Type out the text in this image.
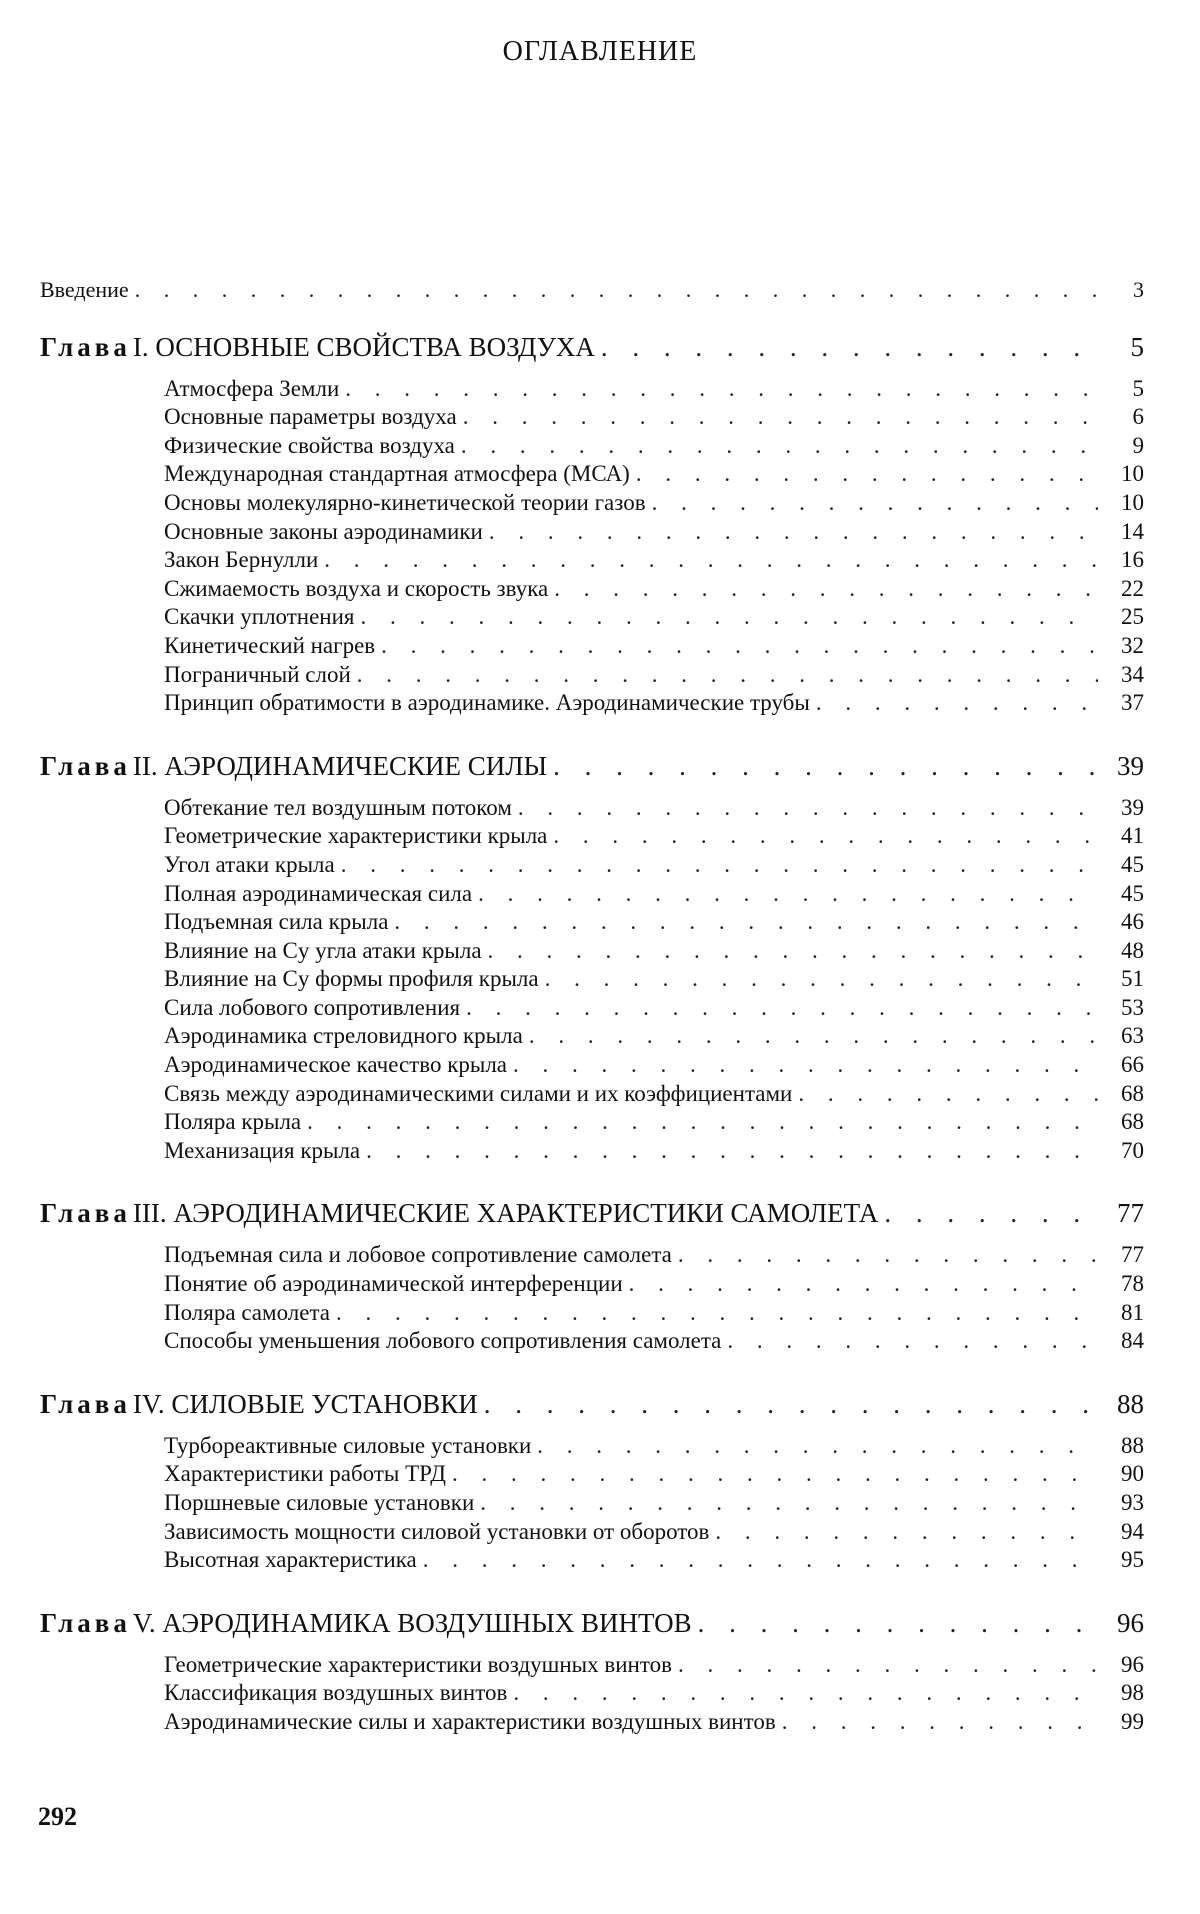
ОГЛАВЛЕНИЕ
Введение . . .	3
Глава I. ОСНОВНЫЕ СВОЙСТВА ВОЗДУХА . . .	5
Атмосфера Земли . . .	5
Основные параметры воздуха . . .	6
Физические свойства воздуха . . .	9
Международная стандартная атмосфера (МСА) . . .	10
Основы молекулярно-кинетической теории газов . . .	10
Основные законы аэродинамики . . .	14
Закон Бернулли . . .	16
Сжимаемость воздуха и скорость звука . . .	22
Скачки уплотнения . . .	25
Кинетический нагрев . . .	32
Пограничный слой . . .	34
Принцип обратимости в аэродинамике. Аэродинамические трубы . . .	37
Глава II. АЭРОДИНАМИЧЕСКИЕ СИЛЫ . . .	39
Обтекание тел воздушным потоком . . .	39
Геометрические характеристики крыла . . .	41
Угол атаки крыла . . .	45
Полная аэродинамическая сила . . .	45
Подъемная сила крыла . . .	46
Влияние на Cy угла атаки крыла . . .	48
Влияние на Cy формы профиля крыла . . .	51
Сила лобового сопротивления . . .	53
Аэродинамика стреловидного крыла . . .	63
Аэродинамическое качество крыла . . .	66
Связь между аэродинамическими силами и их коэффициентами . . .	68
Поляра крыла . . .	68
Механизация крыла . . .	70
Глава III. АЭРОДИНАМИЧЕСКИЕ ХАРАКТЕРИСТИКИ САМОЛЕТА . . .	77
Подъемная сила и лобовое сопротивление самолета . . .	77
Понятие об аэродинамической интерференции . . .	78
Поляра самолета . . .	81
Способы уменьшения лобового сопротивления самолета . . .	84
Глава IV. СИЛОВЫЕ УСТАНОВКИ . . .	88
Турбореактивные силовые установки . . .	88
Характеристики работы ТРД . . .	90
Поршневые силовые установки . . .	93
Зависимость мощности силовой установки от оборотов . . .	94
Высотная характеристика . . .	95
Глава V. АЭРОДИНАМИКА ВОЗДУШНЫХ ВИНТОВ . . .	96
Геометрические характеристики воздушных винтов . . .	96
Классификация воздушных винтов . . .	98
Аэродинамические силы и характеристики воздушных винтов . . .	99
292
